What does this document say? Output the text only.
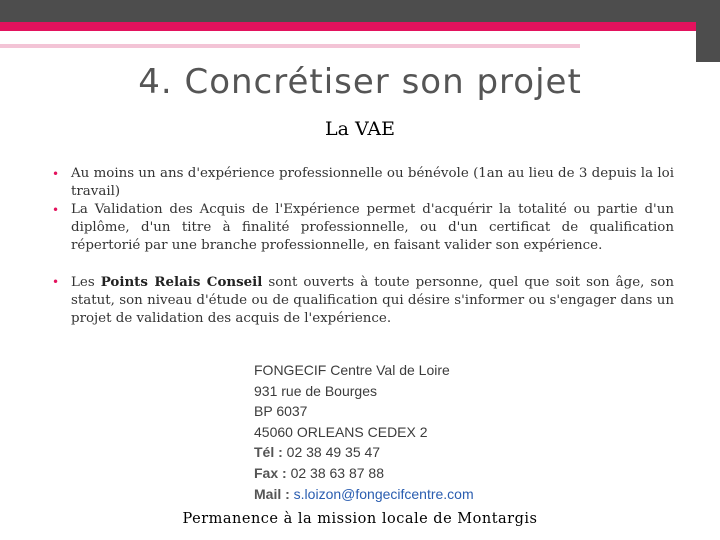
4. Concrétiser son projet
La VAE
• Au moins un ans d'expérience professionnelle ou bénévole (1an au lieu de 3 depuis la loi travail)
• La Validation des Acquis de l'Expérience permet d'acquérir la totalité ou partie d'un diplôme, d'un titre à finalité professionnelle, ou d'un certificat de qualification répertorié par une branche professionnelle, en faisant valider son expérience.
• Les Points Relais Conseil sont ouverts à toute personne, quel que soit son âge, son statut, son niveau d'étude ou de qualification qui désire s'informer ou s'engager dans un projet de validation des acquis de l'expérience.
FONGECIF Centre Val de Loire
931 rue de Bourges
BP 6037
45060 ORLEANS CEDEX 2
Tél : 02 38 49 35 47
Fax : 02 38 63 87 88
Mail : s.loizon@fongecifcentre.com
Permanence à la mission locale de Montargis
